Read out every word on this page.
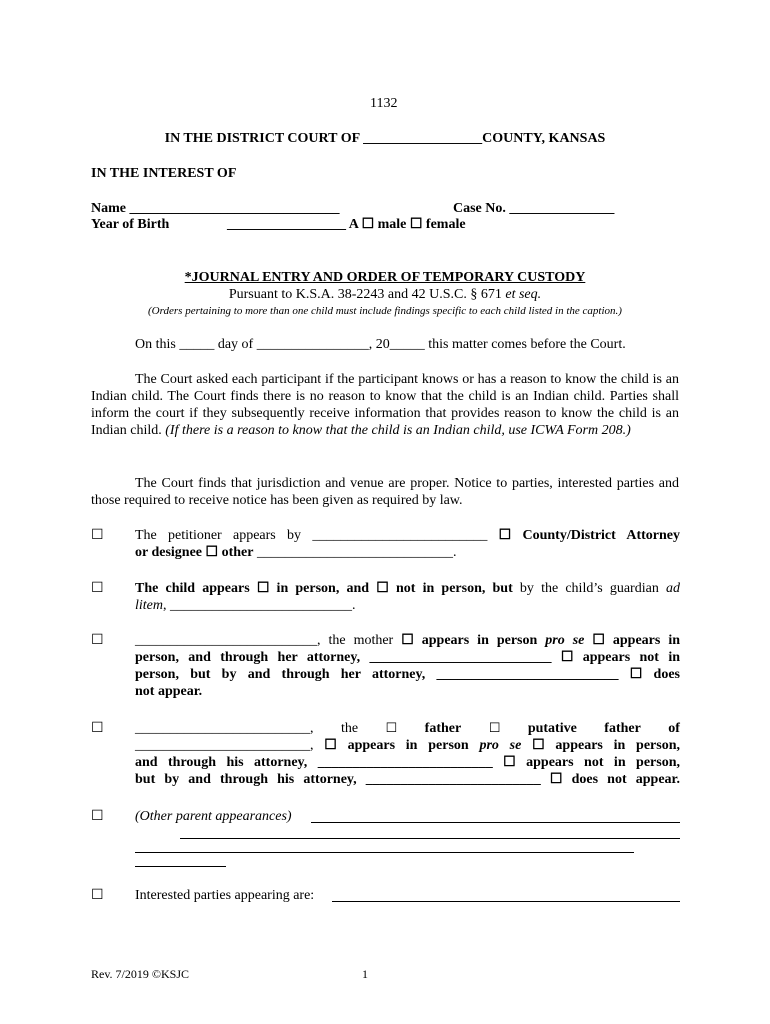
1132
IN THE DISTRICT COURT OF _________________COUNTY, KANSAS
IN THE INTEREST OF
Name ______________________________	Case No. _______________
Year of Birth	_________________ A ☐ male ☐ female
*JOURNAL ENTRY AND ORDER OF TEMPORARY CUSTODY
Pursuant to K.S.A. 38-2243 and 42 U.S.C. § 671 et seq.
(Orders pertaining to more than one child must include findings specific to each child listed in the caption.)
On this _____ day of ________________, 20_____ this matter comes before the Court.
The Court asked each participant if the participant knows or has a reason to know the child is an Indian child. The Court finds there is no reason to know that the child is an Indian child. Parties shall inform the court if they subsequently receive information that provides reason to know the child is an Indian child. (If there is a reason to know that the child is an Indian child, use ICWA Form 208.)
The Court finds that jurisdiction and venue are proper. Notice to parties, interested parties and those required to receive notice has been given as required by law.
☐ The petitioner appears by _________________________ ☐ County/District Attorney
or designee ☐ other ____________________________.
☐ The child appears ☐ in person, and ☐ not in person, but by the child’s guardian ad
litem, __________________________.
☐ __________________________, the mother ☐ appears in person pro se ☐ appears in
person, and through her attorney, __________________________ ☐ appears not in
person, but by and through her attorney, __________________________ ☐ does
not appear.
☐ _________________________, the ☐ father ☐ putative father of
_________________________, ☐ appears in person pro se ☐ appears in person,
and through his attorney, _________________________ ☐ appears not in person,
but by and through his attorney, _________________________ ☐ does not appear.
☐ (Other parent appearances)
☐ Interested parties appearing are:
Rev. 7/2019 ©KSJC	1
